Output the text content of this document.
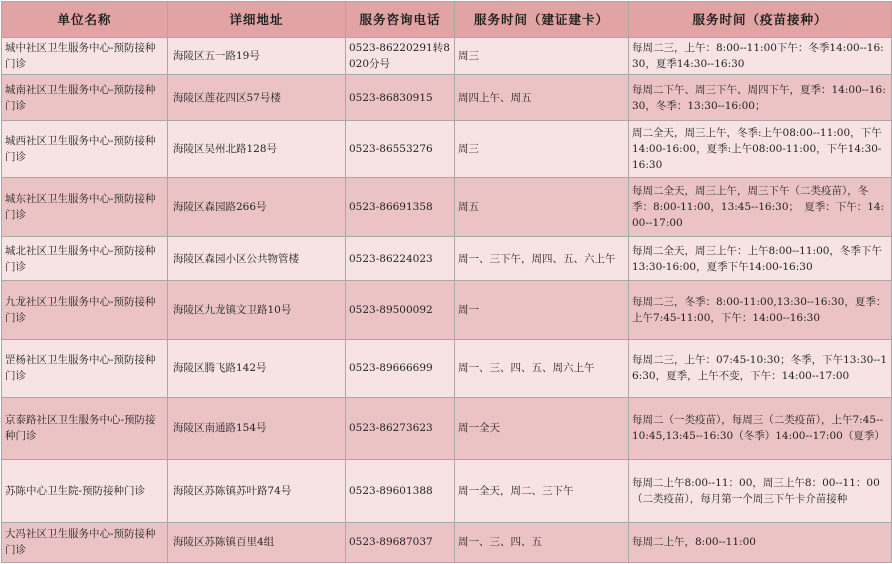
单位名称	详细地址	服务咨询电话	服务时间（建证建卡）	服务时间（疫苗接种）
城中社区卫生服务中心-预防接种门诊	海陵区五一路19号	0523-86220291转8020分号	周三	每周二三，上午：8:00--11:00下午：冬季14:00--16:30，夏季14:30--16:30
城南社区卫生服务中心-预防接种门诊	海陵区莲花四区57号楼	0523-86830915	周四上午、周五	每周二下午、周三下午、周四下午，夏季：14:00--16:30，冬季：13:30--16:00；
城西社区卫生服务中心-预防接种门诊	海陵区吴州北路128号	0523-86553276	周三	周二全天，周三上午，冬季:上午08:00--11:00，下午14:00-16:00，夏季:上午08:00-11:00，下午14:30-16:30
城东社区卫生服务中心-预防接种门诊	海陵区森园路266号	0523-86691358	周五	每周二全天，周三上午，周三下午（二类疫苗），冬季：8:00-11:00，13:45--16:30；　夏季：下午：14:00--17:00
城北社区卫生服务中心-预防接种门诊	海陵区森园小区公共物管楼	0523-86224023	周一、三下午，周四、五、六上午	每周二全天，周三上午：上午8:00--11:00，冬季下午13:30-16:00，夏季下午14:00-16:30
九龙社区卫生服务中心-预防接种门诊	海陵区九龙镇文卫路10号	0523-89500092	周一	每周二三，冬季：8:00-11:00,13:30--16:30，夏季：上午7:45-11:00，下午：14:00--16:30
罡杨社区卫生服务中心-预防接种门诊	海陵区腾飞路142号	0523-89666699	周一、三、四、五、周六上午	每周二三，上午：07:45-10:30；冬季，下午13:30--16:30，夏季，上午不变，下午：14:00--17:00
京泰路社区卫生服务中心-预防接种门诊	海陵区南通路154号	0523-86273623	周一全天	每周二（一类疫苗），每周三（二类疫苗），上午7:45--10:45,13:45--16:30（冬季）14:00--17:00（夏季）
苏陈中心卫生院-预防接种门诊	海陵区苏陈镇苏叶路74号	0523-89601388	周一全天，周二、三下午	每周二上午8:00--11：00，周三上午8：00--11：00（二类疫苗），每月第一个周三下午卡介苗接种
大冯社区卫生服务中心-预防接种门诊	海陵区苏陈镇百里4组	0523-89687037	周一、三、四、五	每周二上午，8:00--11:00
